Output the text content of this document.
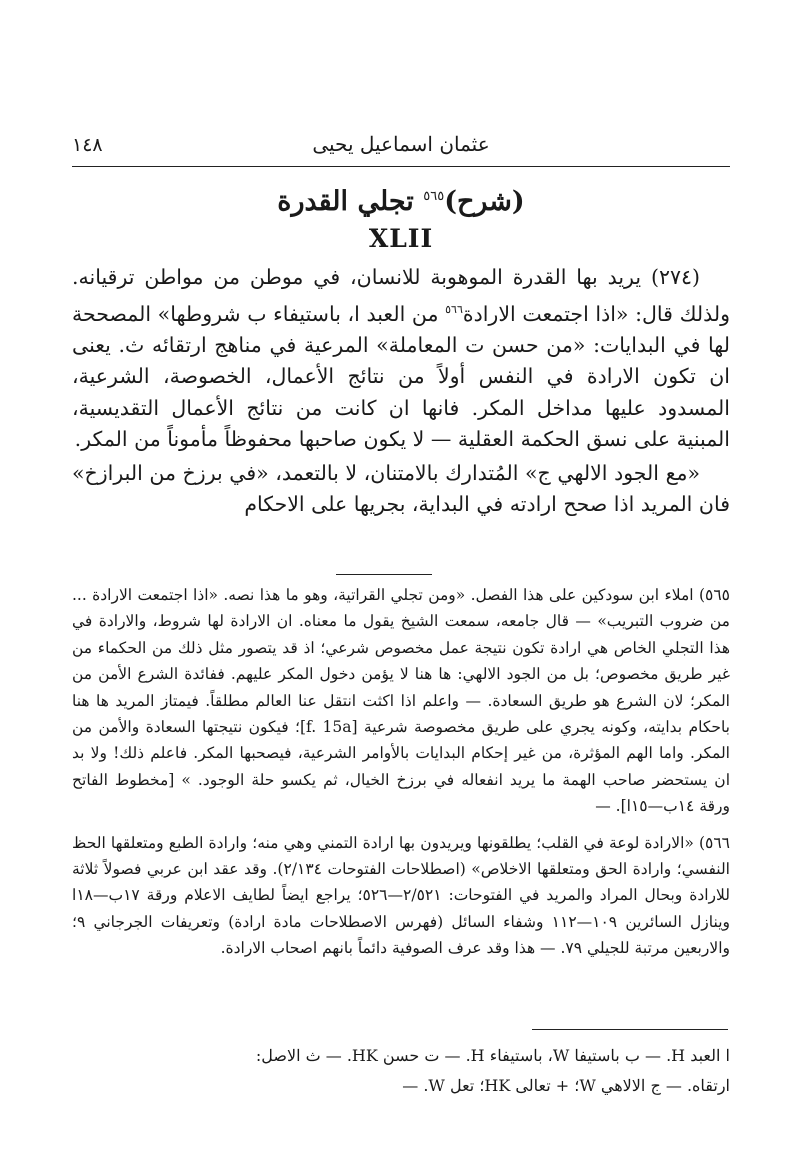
١٤٨	عثمان اسماعيل يحيى
(شرح)$^{٥٦٥}$ تجلي القدرة
XLII

(٢٧٤) يريد بها القدرة الموهوبة للانسان، في موطن من مواطن ترقيانه. ولذلك قال: «اذا اجتمعت الارادة$^{٥٦٦}$ من العبد ا، باستيفاء ب شروطها» المصححة لها في البدايات: «من حسن ت المعاملة» المرعية في مناهج ارتقائه ث. يعنى ان تكون الارادة في النفس أولاً من نتائج الأعمال، الخصوصة، الشرعية، المسدود عليها مداخل المكر. فانها ان كانت من نتائج الأعمال التقديسية، المبنية على نسق الحكمة العقلية — لا يكون صاحبها محفوظاً مأموناً من المكر.

«مع الجود الالهي ج» المُتدارك بالامتنان، لا بالتعمد، «في برزخ من البرازخ» فان المريد اذا صحح ارادته في البداية، بجريها على الاحكام

٥٦٥) املاء ابن سودكين على هذا الفصل. «ومن تجلي القراتية، وهو ما هذا نصه. «اذا اجتمعت الارادة ... من ضروب التبريب» — قال جامعه، سمعت الشيخ يقول ما معناه. ان الارادة لها شروط، والارادة في هذا التجلي الخاص هي ارادة تكون نتيجة عمل مخصوص شرعي؛ اذ قد يتصور مثل ذلك من الحكماء من غير طريق مخصوص؛ بل من الجود الالهي: ها هنا لا يؤمن دخول المكر عليهم. ففائدة الشرع الأمن من المكر؛ لان الشرع هو طريق السعادة. — واعلم اذا اكثت انتقل عنا العالم مطلقاً. فيمتاز المريد ها هنا باحكام بدايته، وكونه يجري على طريق مخصوصة شرعية [f. 15a]؛ فيكون نتيجتها السعادة والأمن من المكر. واما الهم المؤثرة، من غير إحكام البدايات بالأوامر الشرعية، فيصحبها المكر. فاعلم ذلك! ولا بد ان يستحضر صاحب الهمة ما يريد انفعاله في برزخ الخيال، ثم يكسو حلة الوجود. » [مخطوط الفاتح ورقة ١٤ب—١٥ا]. —

٥٦٦) «الارادة لوعة في القلب؛ يطلقونها ويريدون بها ارادة التمني وهي منه؛ وارادة الطبع ومتعلقها الحظ النفسي؛ وارادة الحق ومتعلقها الاخلاص» (اصطلاحات الفتوحات ٢/١٣٤). وقد عقد ابن عربي فصولاً ثلاثة للارادة وبحال المراد والمريد في الفتوحات: ٢/٥٢١—٥٢٦؛ يراجع ايضاً لطايف الاعلام ورقة ١٧ب—١٨ا وينازل السائرين ١٠٩—١١٢ وشفاء السائل (فهرس الاصطلاحات مادة ارادة) وتعريفات الجرجاني ٩؛ والاربعين مرتبة للجيلي ٧٩. — هذا وقد عرف الصوفية دائماً بانهم اصحاب الارادة.

ا العبد H. — ب باستيفا W، باستيفاء H. — ت حسن HK. — ث الاصل:

ارتقاه. — ج الالاهي W؛ + تعالى HK؛ تعل W. —
